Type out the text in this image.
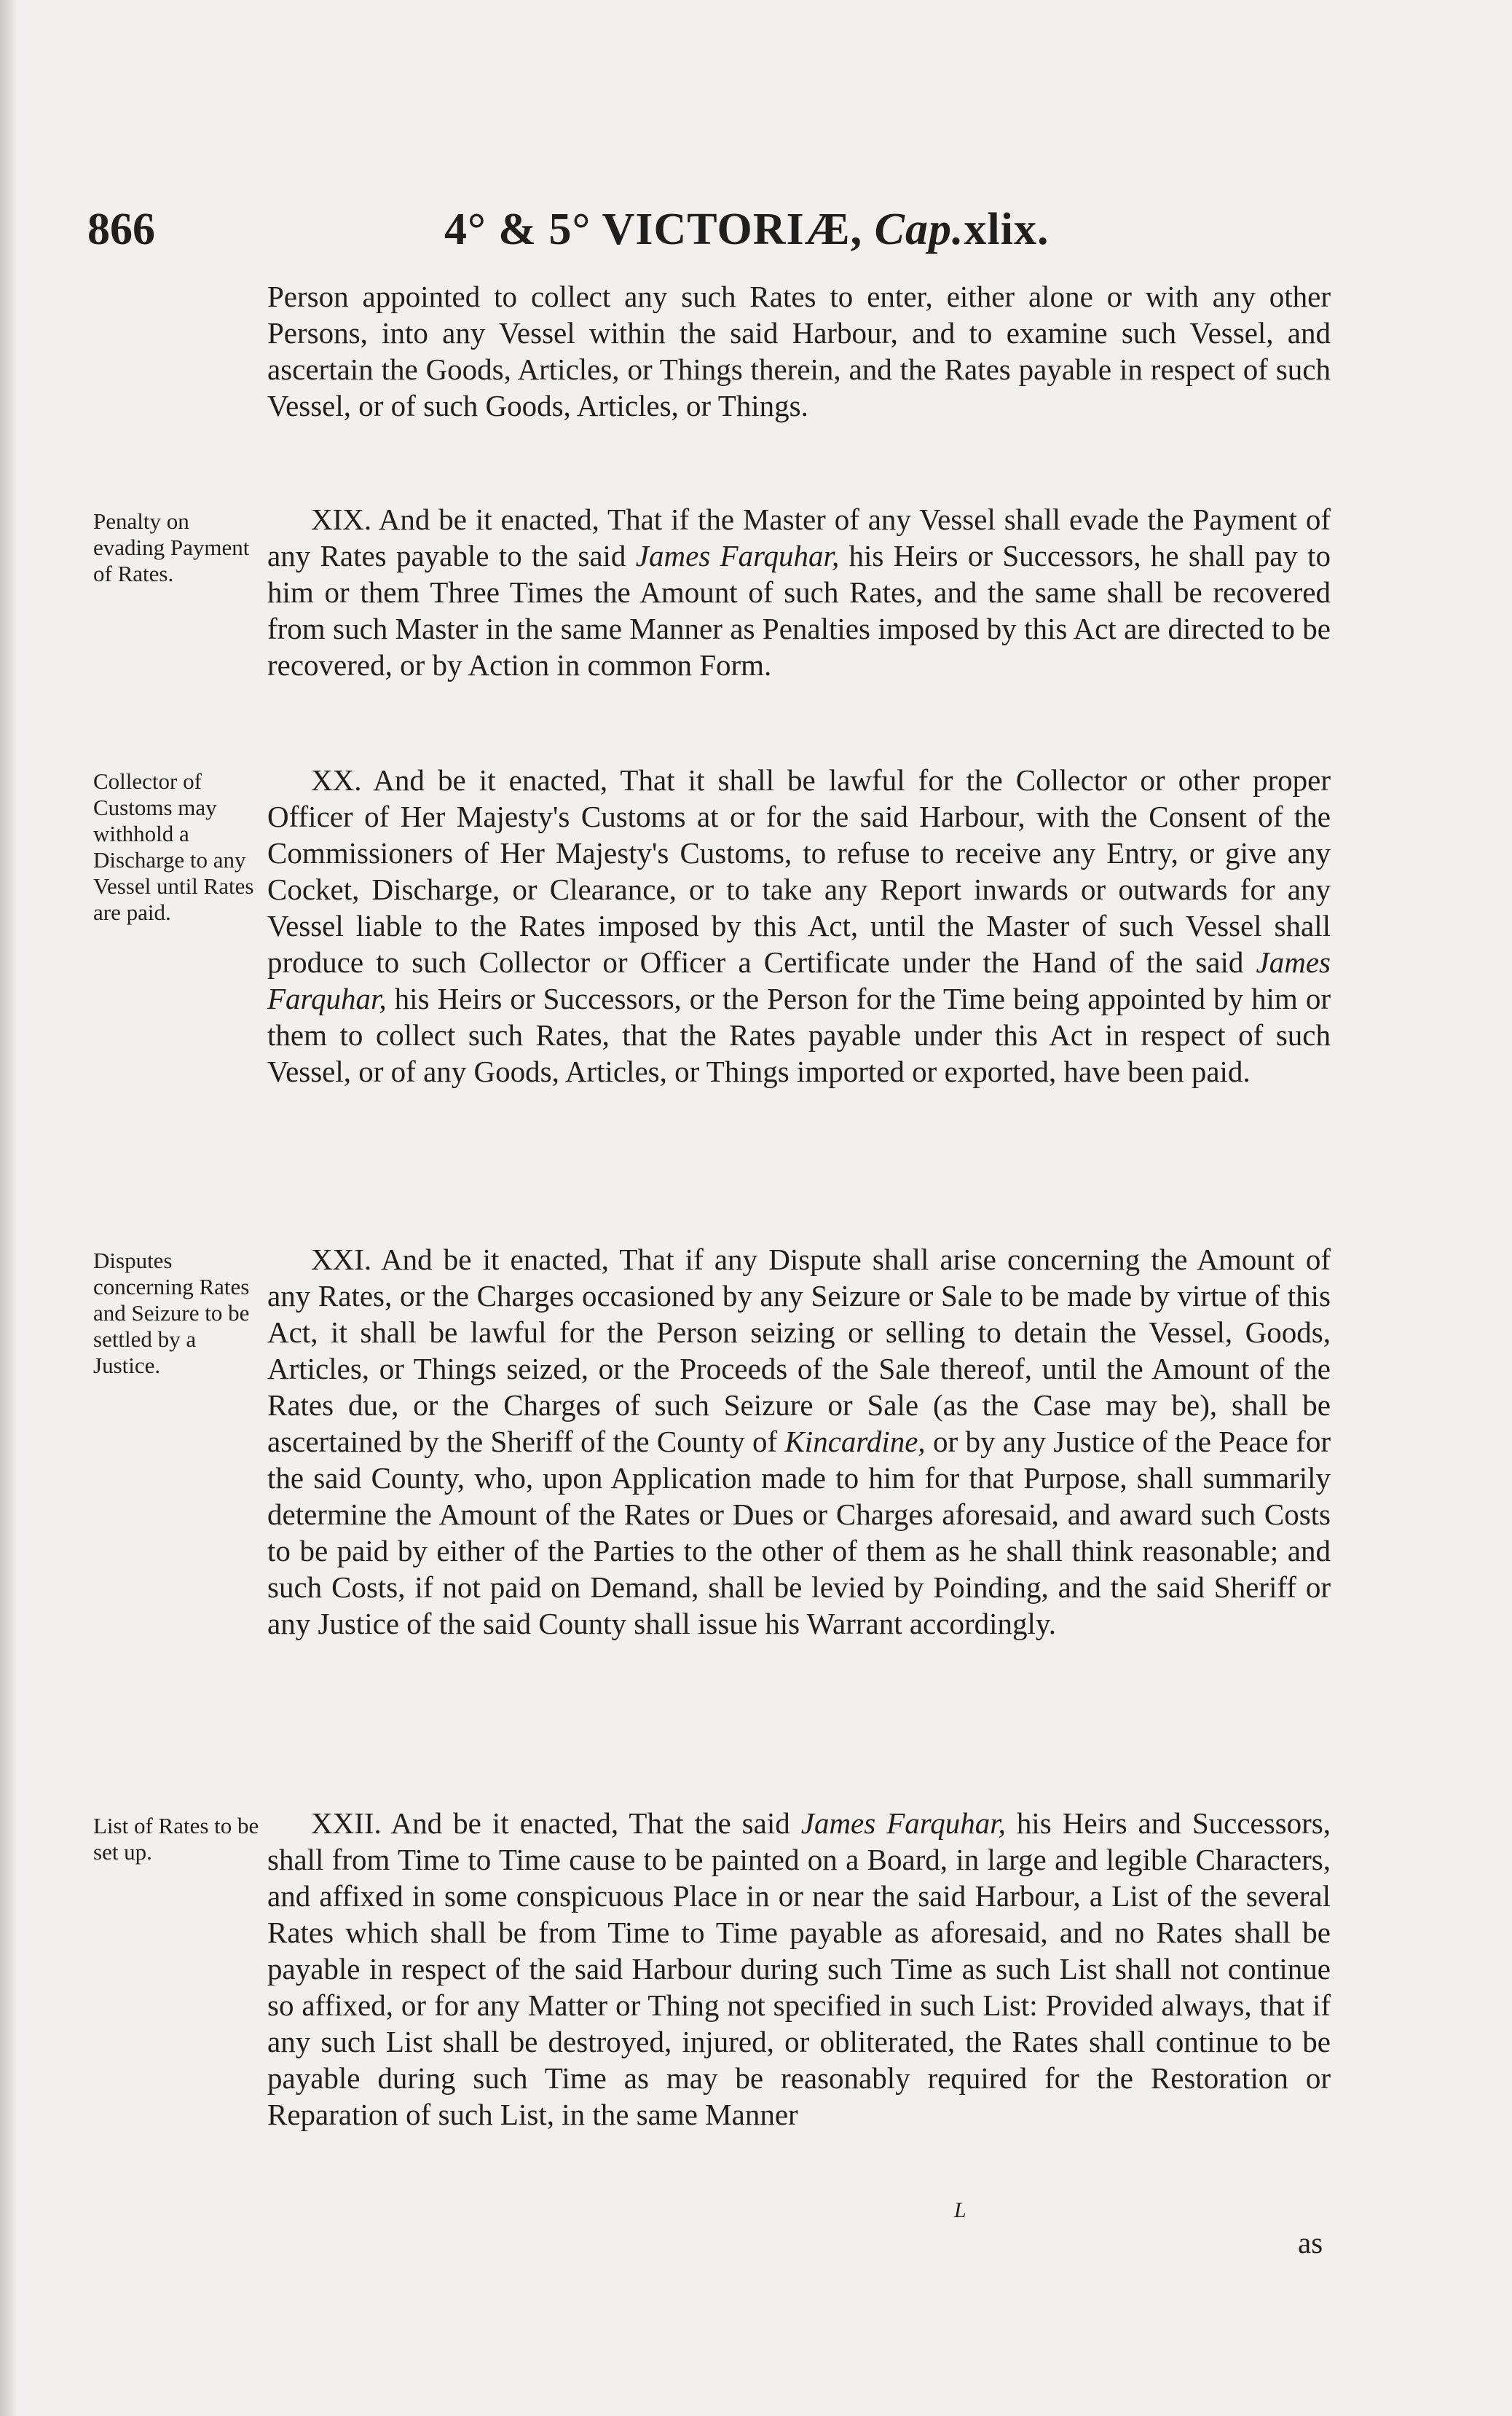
866	4° & 5° VICTORIÆ, Cap.xlix.

Person appointed to collect any such Rates to enter, either alone or with any other Persons, into any Vessel within the said Harbour, and to examine such Vessel, and ascertain the Goods, Articles, or Things therein, and the Rates payable in respect of such Vessel, or of such Goods, Articles, or Things.

Penalty on evading Payment of Rates.

XIX. And be it enacted, That if the Master of any Vessel shall evade the Payment of any Rates payable to the said James Farquhar, his Heirs or Successors, he shall pay to him or them Three Times the Amount of such Rates, and the same shall be recovered from such Master in the same Manner as Penalties imposed by this Act are directed to be recovered, or by Action in common Form.

Collector of Customs may withhold a Discharge to any Vessel until Rates are paid.

XX. And be it enacted, That it shall be lawful for the Collector or other proper Officer of Her Majesty's Customs at or for the said Harbour, with the Consent of the Commissioners of Her Majesty's Customs, to refuse to receive any Entry, or give any Cocket, Discharge, or Clearance, or to take any Report inwards or outwards for any Vessel liable to the Rates imposed by this Act, until the Master of such Vessel shall produce to such Collector or Officer a Certificate under the Hand of the said James Farquhar, his Heirs or Successors, or the Person for the Time being appointed by him or them to collect such Rates, that the Rates payable under this Act in respect of such Vessel, or of any Goods, Articles, or Things imported or exported, have been paid.

Disputes concerning Rates and Seizure to be settled by a Justice.

XXI. And be it enacted, That if any Dispute shall arise concerning the Amount of any Rates, or the Charges occasioned by any Seizure or Sale to be made by virtue of this Act, it shall be lawful for the Person seizing or selling to detain the Vessel, Goods, Articles, or Things seized, or the Proceeds of the Sale thereof, until the Amount of the Rates due, or the Charges of such Seizure or Sale (as the Case may be), shall be ascertained by the Sheriff of the County of Kincardine, or by any Justice of the Peace for the said County, who, upon Application made to him for that Purpose, shall summarily determine the Amount of the Rates or Dues or Charges aforesaid, and award such Costs to be paid by either of the Parties to the other of them as he shall think reasonable; and such Costs, if not paid on Demand, shall be levied by Poinding, and the said Sheriff or any Justice of the said County shall issue his Warrant accordingly.

List of Rates to be set up.

XXII. And be it enacted, That the said James Farquhar, his Heirs and Successors, shall from Time to Time cause to be painted on a Board, in large and legible Characters, and affixed in some conspicuous Place in or near the said Harbour, a List of the several Rates which shall be from Time to Time payable as aforesaid, and no Rates shall be payable in respect of the said Harbour during such Time as such List shall not continue so affixed, or for any Matter or Thing not specified in such List: Provided always, that if any such List shall be destroyed, injured, or obliterated, the Rates shall continue to be payable during such Time as may be reasonably required for the Restoration or Reparation of such List, in the same Manner

L
as
